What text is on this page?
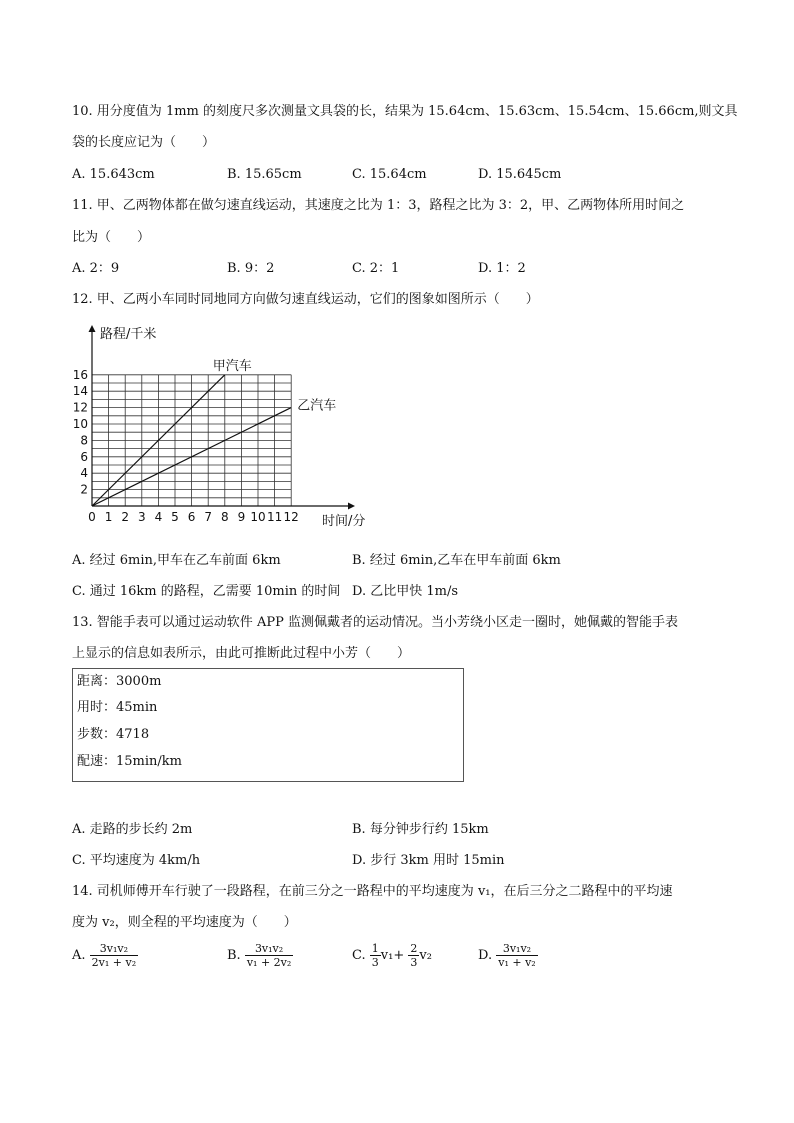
10. 用分度值为 1mm 的刻度尺多次测量文具袋的长，结果为 15.64cm、15.63cm、15.54cm、15.66cm,则文具
袋的长度应记为（　　）
A. 15.643cm	B. 15.65cm	C. 15.64cm	D. 15.645cm
11. 甲、乙两物体都在做匀速直线运动，其速度之比为 1：3，路程之比为 3：2，甲、乙两物体所用时间之
比为（　　）
A. 2：9	B. 9：2	C. 2：1	D. 1：2
12. 甲、乙两小车同时同地同方向做匀速直线运动，它们的图象如图所示（　　）
0 1 2 3 4 5 6 7 8 9 10 11 12
2
4
6
8
10
12
14
16
路程/千米
时间/分
甲汽车
乙汽车
A. 经过 6min,甲车在乙车前面 6km	B. 经过 6min,乙车在甲车前面 6km
C. 通过 16km 的路程，乙需要 10min 的时间 D. 乙比甲快 1m/s
13. 智能手表可以通过运动软件 APP 监测佩戴者的运动情况。当小芳绕小区走一圈时，她佩戴的智能手表
上显示的信息如表所示，由此可推断此过程中小芳（　　）
距离：3000m
用时：45min
步数：4718
配速：15min/km
A. 走路的步长约 2m	B. 每分钟步行约 15km
C. 平均速度为 4km/h	D. 步行 3km 用时 15min
14. 司机师傅开车行驶了一段路程，在前三分之一路程中的平均速度为 v₁，在后三分之二路程中的平均速
度为 v₂，则全程的平均速度为（　　）
A. $\frac{\text{3v₁v₂}}{\text{2v₁ + v₂}}$	B. $\frac{\text{3v₁v₂}}{\text{v₁ + 2v₂}}$	C. $\frac{1}{3} v_1+ \frac{2}{3} v_2$	D. $\frac{\text{3v₁v₂}}{\text{v₁ + v₂}}$
